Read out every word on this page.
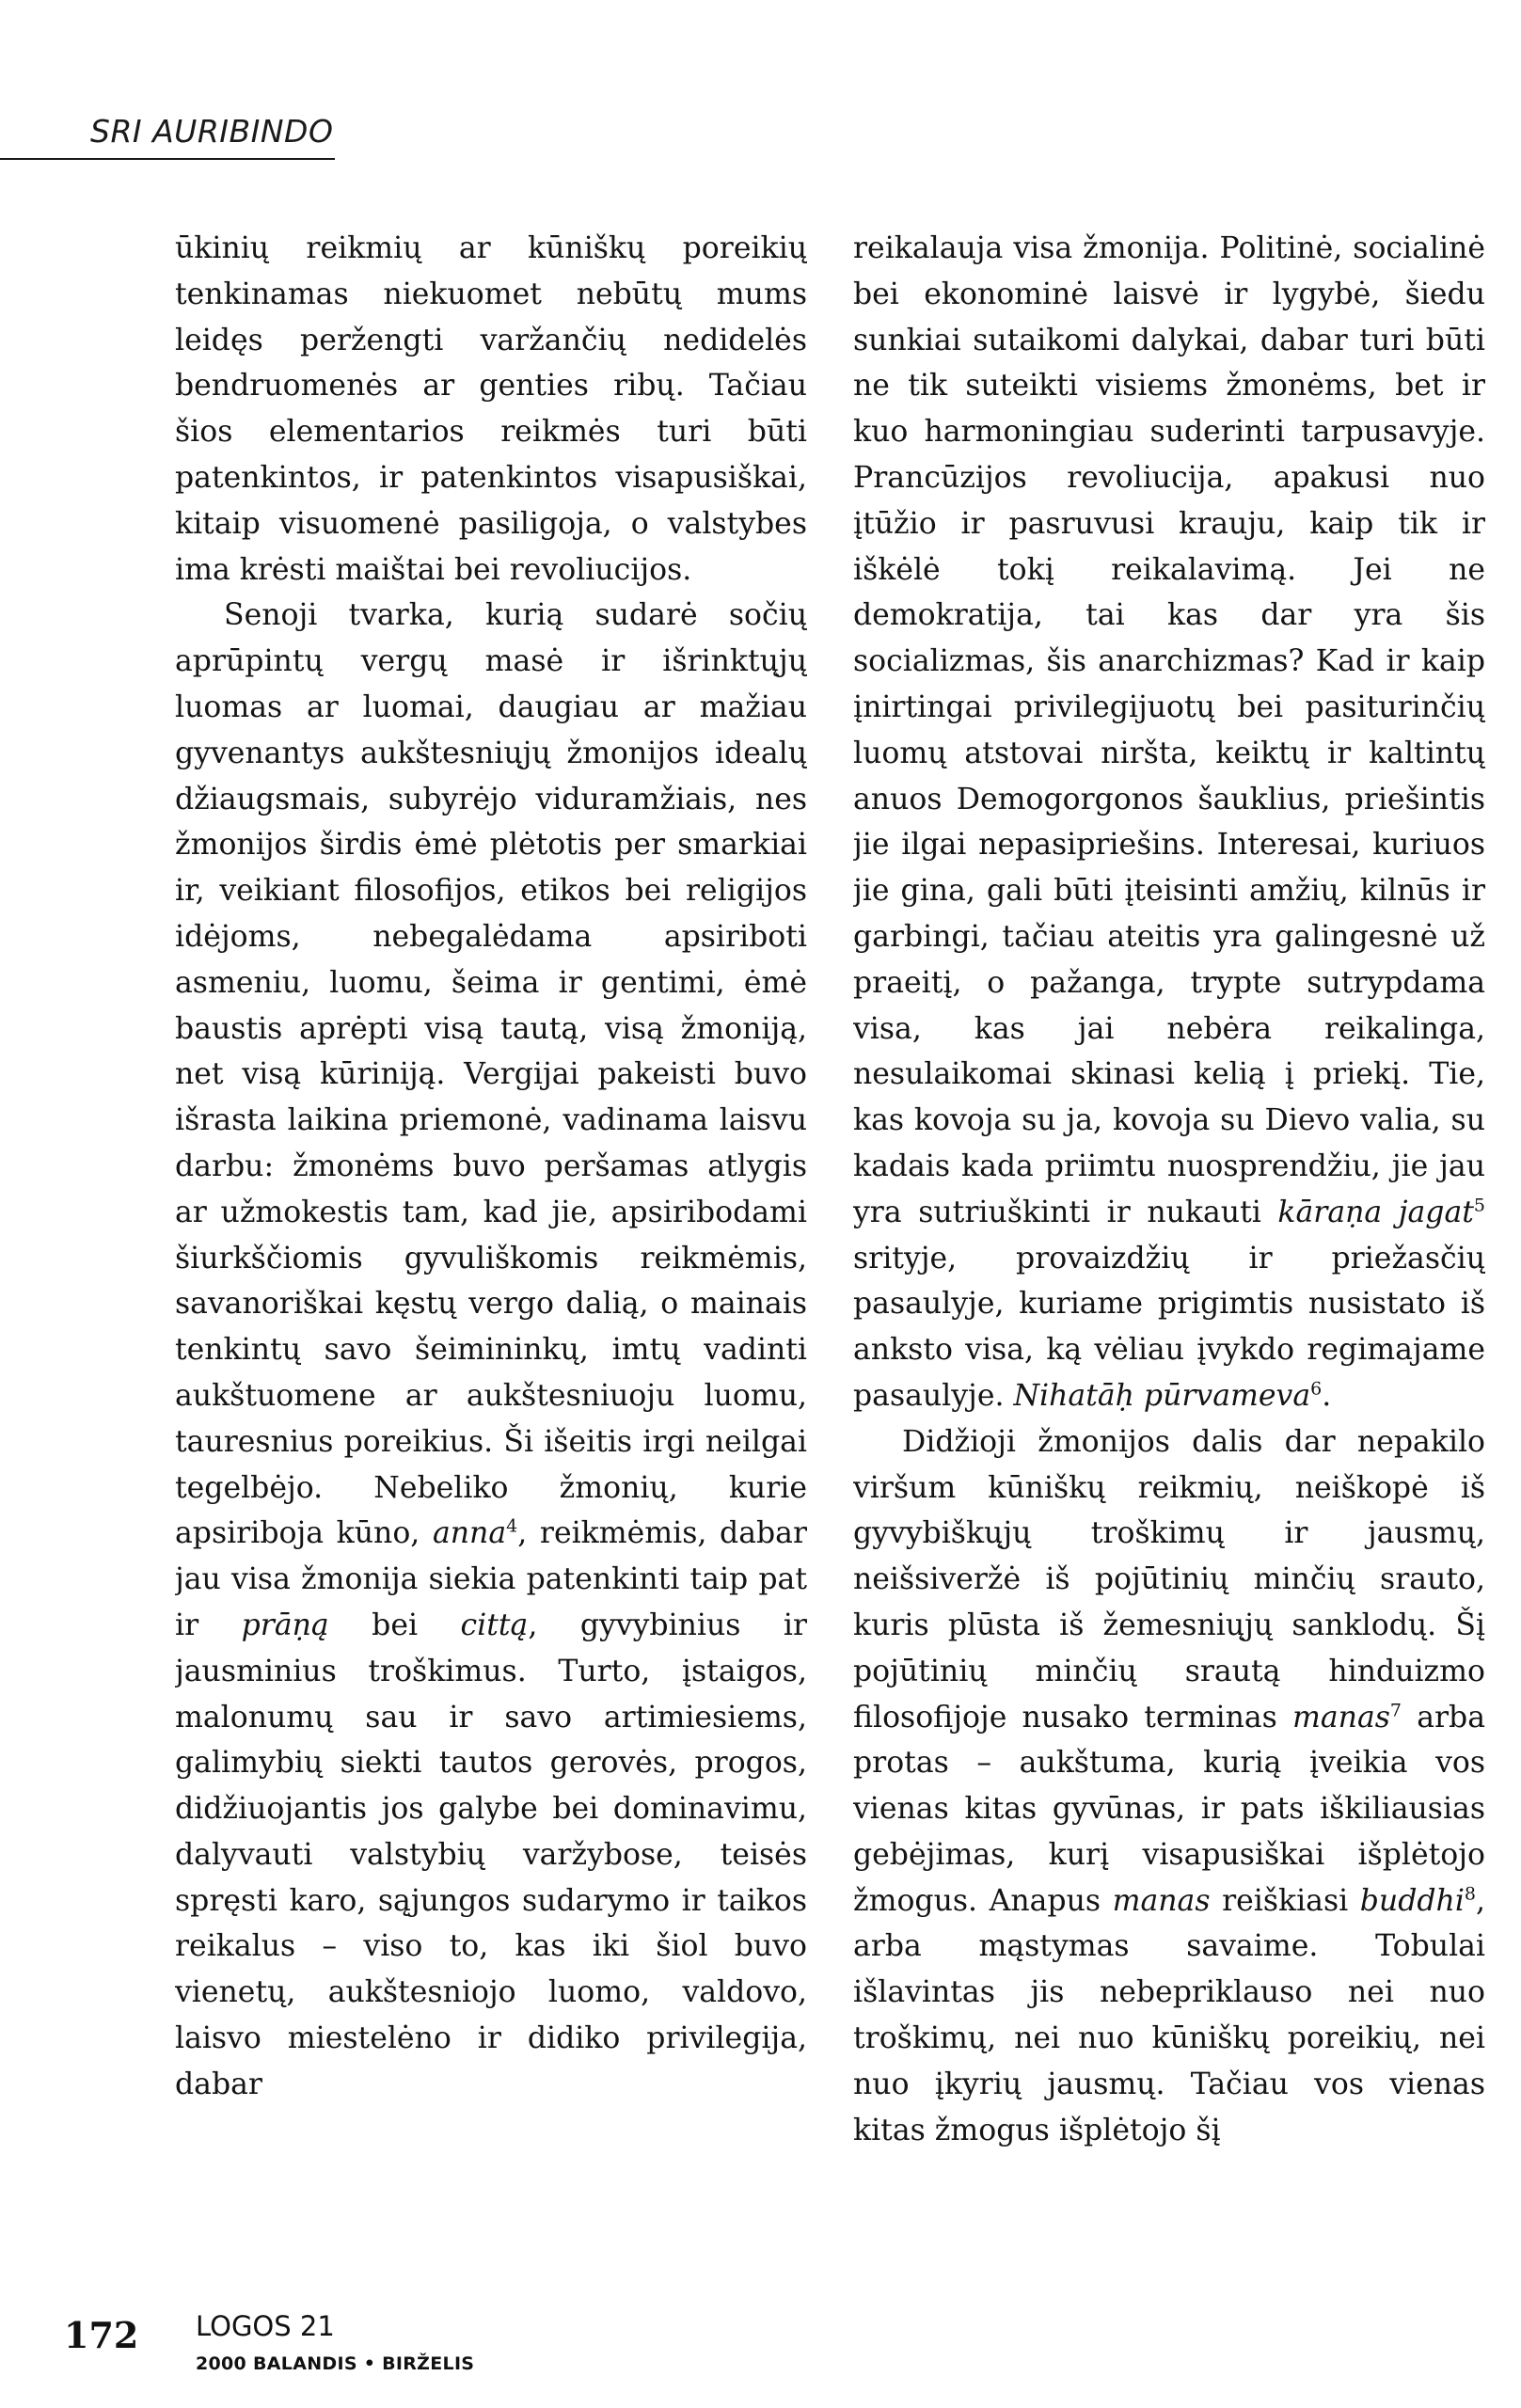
SRI AURIBINDO

ūkinių reikmių ar kūniškų poreikių tenkinamas niekuomet nebūtų mums leidęs peržengti varžančių nedidelės bendruomenės ar genties ribų. Tačiau šios elementarios reikmės turi būti patenkintos, ir patenkintos visapusiškai, kitaip visuomenė pasiligoja, o valstybes ima krėsti maištai bei revoliucijos.

Senoji tvarka, kurią sudarė sočių aprūpintų vergų masė ir išrinktųjų luomas ar luomai, daugiau ar mažiau gyvenantys aukštesniųjų žmonijos idealų džiaugsmais, subyrėjo viduramžiais, nes žmonijos širdis ėmė plėtotis per smarkiai ir, veikiant filosofijos, etikos bei religijos idėjoms, nebegalėdama apsiriboti asmeniu, luomu, šeima ir gentimi, ėmė baustis aprėpti visą tautą, visą žmoniją, net visą kūriniją. Vergijai pakeisti buvo išrasta laikina priemonė, vadinama laisvu darbu: žmonėms buvo peršamas atlygis ar užmokestis tam, kad jie, apsiribodami šiurkščiomis gyvuliškomis reikmėmis, savanoriškai kęstų vergo dalią, o mainais tenkintų savo šeimininkų, imtų vadinti aukštuomene ar aukštesniuoju luomu, tauresnius poreikius. Ši išeitis irgi neilgai tegelbėjo. Nebeliko žmonių, kurie apsiriboja kūno, anna$^4$, reikmėmis, dabar jau visa žmonija siekia patenkinti taip pat ir prāṇą bei cittą, gyvybinius ir jausminius troškimus. Turto, įstaigos, malonumų sau ir savo artimiesiems, galimybių siekti tautos gerovės, progos, didžiuojantis jos galybe bei dominavimu, dalyvauti valstybių varžybose, teisės spręsti karo, sąjungos sudarymo ir taikos reikalus – viso to, kas iki šiol buvo vienetų, aukštesniojo luomo, valdovo, laisvo miestelėno ir didiko privilegija, dabar

reikalauja visa žmonija. Politinė, socialinė bei ekonominė laisvė ir lygybė, šiedu sunkiai sutaikomi dalykai, dabar turi būti ne tik suteikti visiems žmonėms, bet ir kuo harmoningiau suderinti tarpusavyje. Prancūzijos revoliucija, apakusi nuo įtūžio ir pasruvusi krauju, kaip tik ir iškėlė tokį reikalavimą. Jei ne demokratija, tai kas dar yra šis socializmas, šis anarchizmas? Kad ir kaip įnirtingai privilegijuotų bei pasiturinčių luomų atstovai niršta, keiktų ir kaltintų anuos Demogorgonos šauklius, priešintis jie ilgai nepasipriešins. Interesai, kuriuos jie gina, gali būti įteisinti amžių, kilnūs ir garbingi, tačiau ateitis yra galingesnė už praeitį, o pažanga, trypte sutrypdama visa, kas jai nebėra reikalinga, nesulaikomai skinasi kelią į priekį. Tie, kas kovoja su ja, kovoja su Dievo valia, su kadais kada priimtu nuosprendžiu, jie jau yra sutriuškinti ir nukauti kāraṇa jagat$^5$ srityje, provaizdžių ir priežasčių pasaulyje, kuriame prigimtis nusistato iš anksto visa, ką vėliau įvykdo regimajame pasaulyje. Nihatāḥ pūrvameva$^6$.

Didžioji žmonijos dalis dar nepakilo viršum kūniškų reikmių, neiškopė iš gyvybiškųjų troškimų ir jausmų, neišsiveržė iš pojūtinių minčių srauto, kuris plūsta iš žemesniųjų sanklodų. Šį pojūtinių minčių srautą hinduizmo filosofijoje nusako terminas manas$^7$ arba protas – aukštuma, kurią įveikia vos vienas kitas gyvūnas, ir pats iškiliausias gebėjimas, kurį visapusiškai išplėtojo žmogus. Anapus manas reiškiasi buddhi$^8$, arba mąstymas savaime. Tobulai išlavintas jis nebepriklauso nei nuo troškimų, nei nuo kūniškų poreikių, nei nuo įkyrių jausmų. Tačiau vos vienas kitas žmogus išplėtojo šį

172 LOGOS 21
2000 BALANDIS • BIRŽELIS
